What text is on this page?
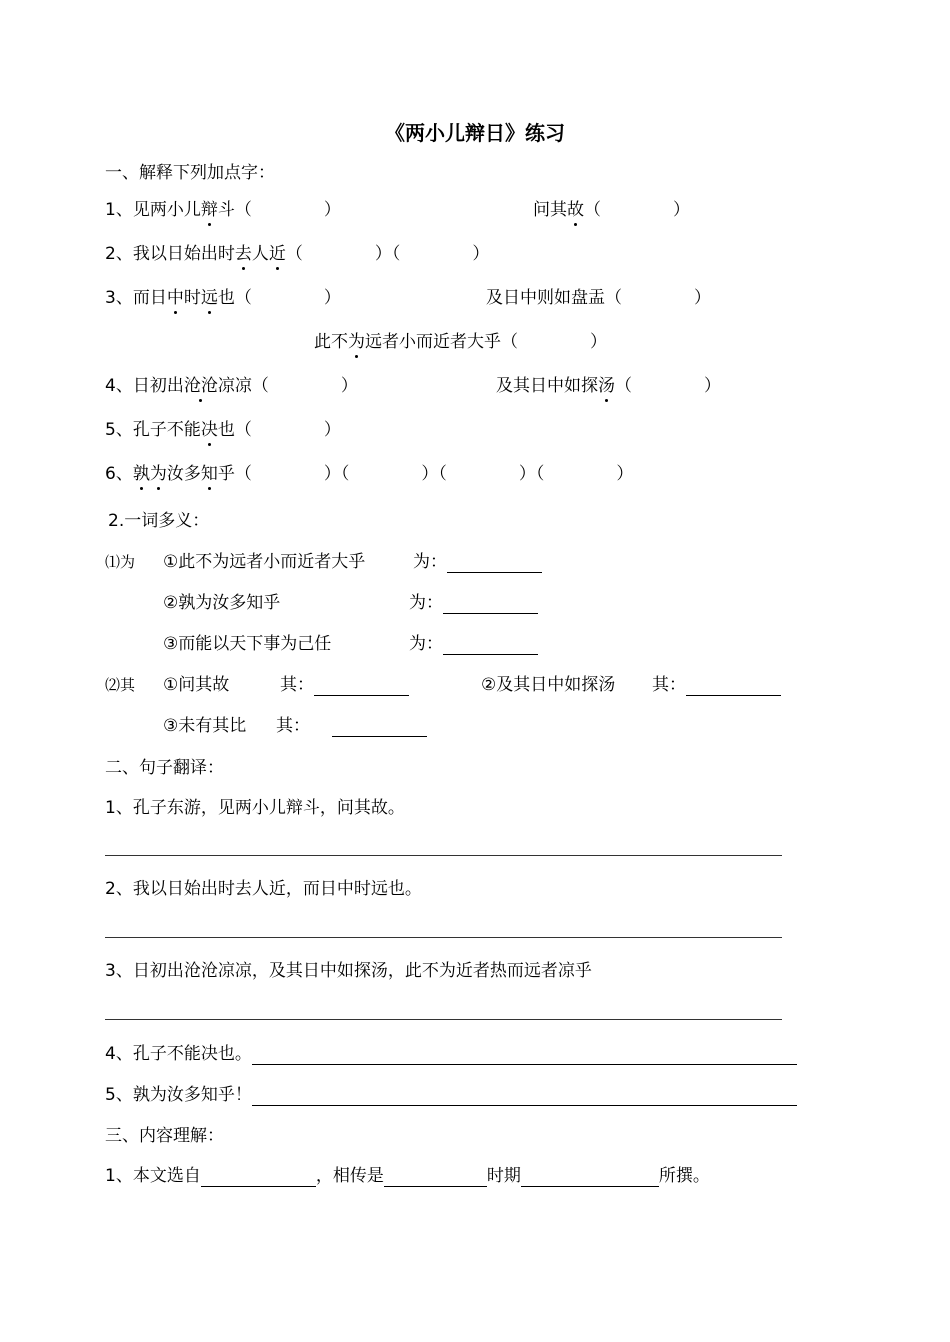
《两小儿辩日》练习
一、解释下列加点字：
1、见两小儿辩斗（	）	问其故（	）
2、我以日始出时去人近（	）（	）
3、而日中时远也（	）	及日中则如盘盂（	）
此不为远者小而近者大乎（	）
4、日初出沧沧凉凉（	）	及其日中如探汤（	）
5、孔子不能决也（	）
6、孰为汝多知乎（	）（	）（	）（	）
2.一词多义：
⑴为 ①此不为远者小而近者大乎	为：
②孰为汝多知乎	为：
③而能以天下事为己任	为：
⑵其 ①问其故	其：	②及其日中如探汤 其：
③未有其比 其：
二、句子翻译：
1、孔子东游，见两小儿辩斗，问其故。
2、我以日始出时去人近，而日中时远也。
3、日初出沧沧凉凉，及其日中如探汤，此不为近者热而远者凉乎
4、孔子不能决也。
5、孰为汝多知乎！
三、内容理解：
1、本文选自	，相传是	时期	所撰。
